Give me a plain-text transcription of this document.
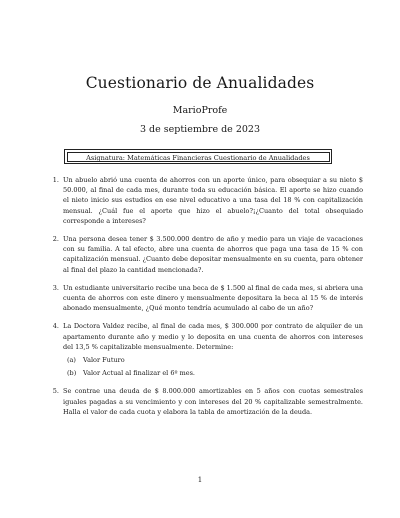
Cuestionario de Anualidades
MarioProfe
3 de septiembre de 2023
Asignatura: Matemáticas Financieras Cuestionario de Anualidades
1. Un abuelo abrió una cuenta de ahorros con un aporte único, para obsequiar a su nieto $ 50.000, al final de cada mes, durante toda su educación básica. El aporte se hizo cuando el nieto inicio sus estudios en ese nivel educativo a una tasa del 18 % con capitalización mensual. ¿Cuál fue el aporte que hizo el abuelo?¡¿Cuanto del total obsequiado corresponde a intereses?
2. Una persona desea tener $ 3.500.000 dentro de año y medio para un viaje de vacaciones con su familia. A tal efecto, abre una cuenta de ahorros que paga una tasa de 15 % con capitalización mensual. ¿Cuanto debe depositar mensualmente en su cuenta, para obtener al final del plazo la cantidad mencionada?.
3. Un estudiante universitario recibe una beca de $ 1.500 al final de cada mes, si abriera una cuenta de ahorros con este dinero y mensualmente depositara la beca al 15 % de interés abonado mensualmente, ¿Qué monto tendría acumulado al cabo de un año?
4. La Doctora Valdez recibe, al final de cada mes, $ 300.000 por contrato de alquiler de un apartamento durante año y medio y lo deposita en una cuenta de ahorros con intereses del 13,5 % capitalizable mensualmente. Determine:
(a) Valor Futuro
(b) Valor Actual al finalizar el 6º mes.
5. Se contrae una deuda de $ 8.000.000 amortizables en 5 años con cuotas semestrales iguales pagadas a su vencimiento y con intereses del 20 % capitalizable semestralmente. Halla el valor de cada cuota y elabora la tabla de amortización de la deuda.
1
